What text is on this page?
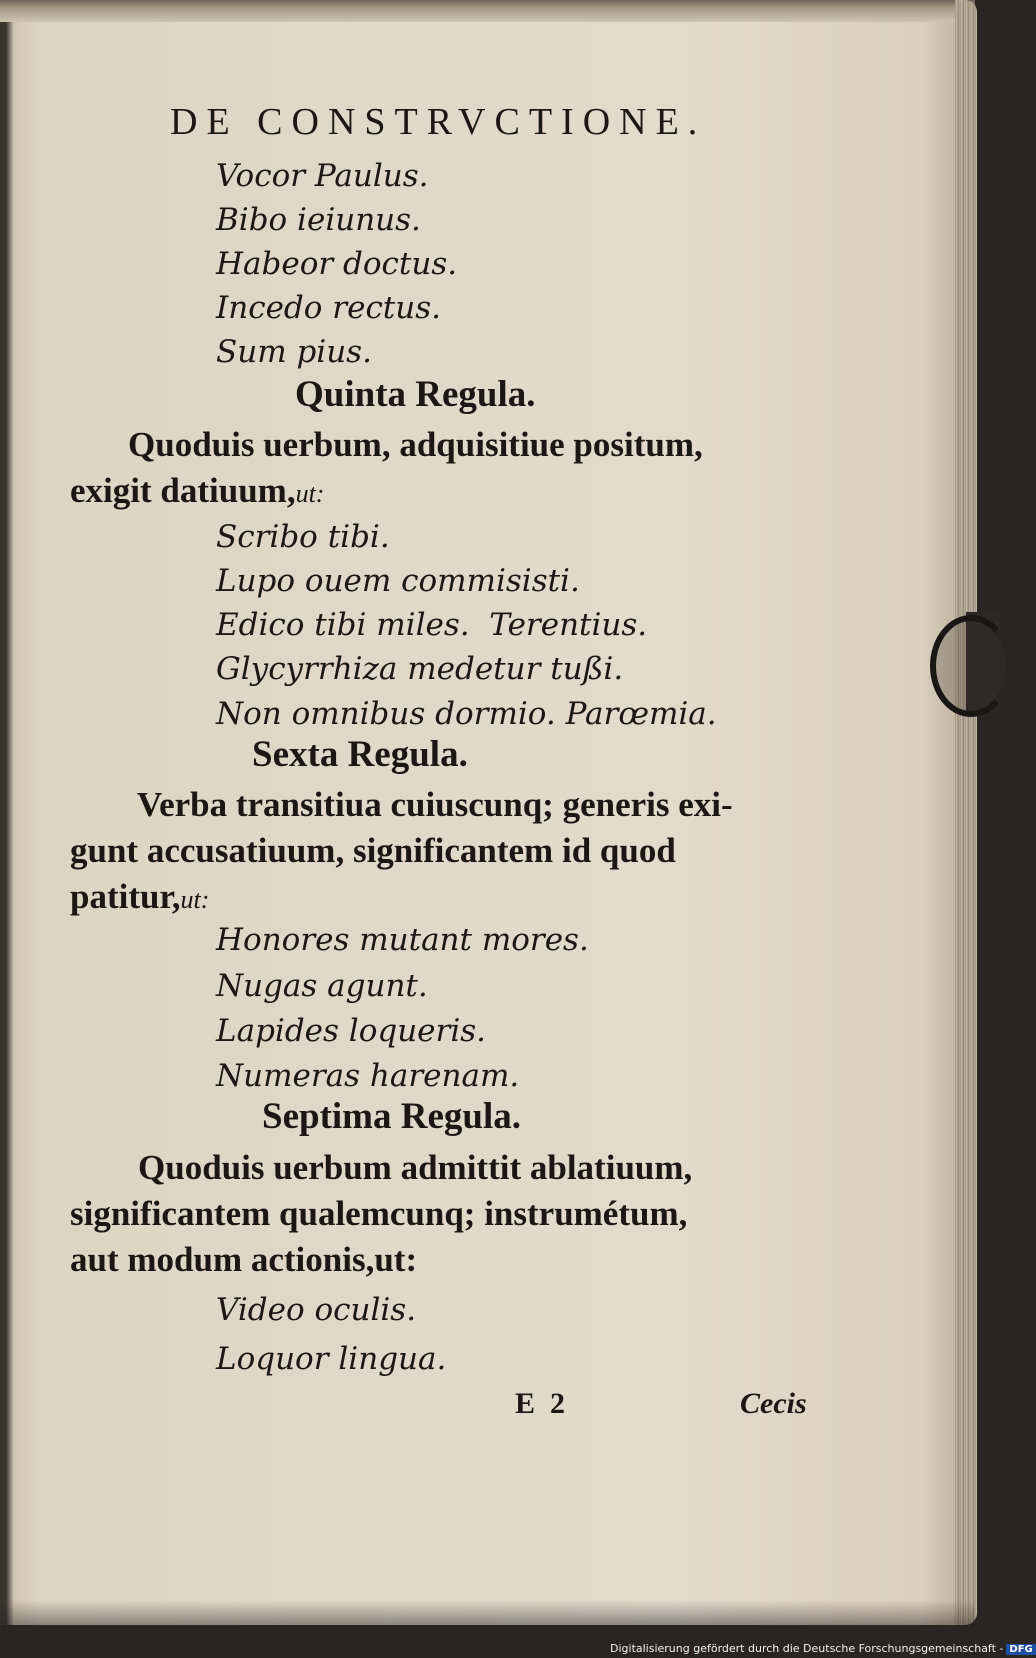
DE CONSTRVCTIONE.
Vocor Paulus.
Bibo ieiunus.
Habeor doctus.
Incedo rectus.
Sum pius.
Quinta Regula.
Quoduis uerbum, adquisitiue positum,
exigit datiuum,ut:
Scribo tibi.
Lupo ouem commisisti.
Edico tibi miles.  Terentius.
Glycyrrhiza medetur tußi.
Non omnibus dormio. Parœmia.
Sexta Regula.
Verba transitiua cuiuscunq; generis exi-
gunt accusatiuum, significantem id quod
patitur,ut:
Honores mutant mores.
Nugas agunt.
Lapides loqueris.
Numeras harenam.
Septima Regula.
Quoduis uerbum admittit ablatiuum,
significantem qualemcunq; instrumétum,
aut modum actionis,ut:
Video oculis.
Loquor lingua.
E  2	Cecis
Digitalisierung gefördert durch die Deutsche Forschungsgemeinschaft - DFG
